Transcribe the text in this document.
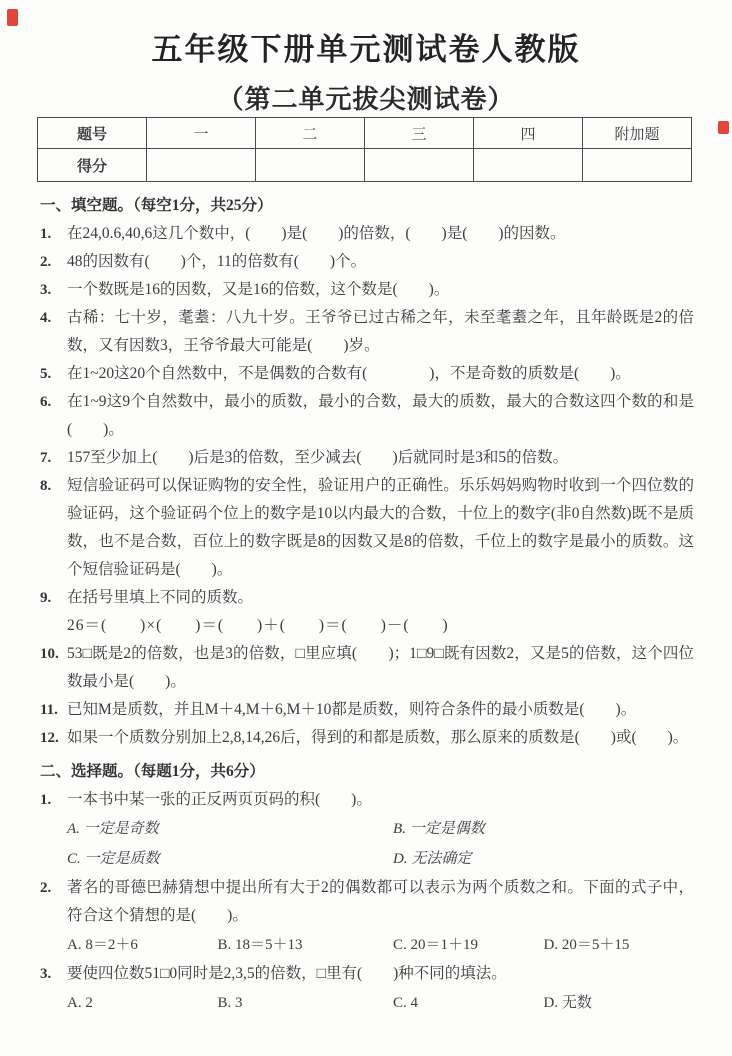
五年级下册单元测试卷人教版
（第二单元拔尖测试卷）
题号	一	二	三	四	附加题
得分					
一、填空题。（每空1分，共25分）
1.	在24,0.6,40,6这几个数中，(　　)是(　　)的倍数，(　　)是(　　)的因数。
2.	48的因数有(　　)个，11的倍数有(　　)个。
3.	一个数既是16的因数，又是16的倍数，这个数是(　　)。
4.	古稀：七十岁，耄耋：八九十岁。王爷爷已过古稀之年，未至耄耋之年，且年龄既是2的倍数，又有因数3，王爷爷最大可能是(　　)岁。
5.	在1~20这20个自然数中，不是偶数的合数有(　　　　)，不是奇数的质数是(　　)。
6.	在1~9这9个自然数中，最小的质数，最小的合数，最大的质数，最大的合数这四个数的和是(　　)。
7.	157至少加上(　　)后是3的倍数，至少减去(　　)后就同时是3和5的倍数。
8.	短信验证码可以保证购物的安全性，验证用户的正确性。乐乐妈妈购物时收到一个四位数的验证码，这个验证码个位上的数字是10以内最大的合数，十位上的数字(非0自然数)既不是质数，也不是合数，百位上的数字既是8的因数又是8的倍数，千位上的数字是最小的质数。这个短信验证码是(　　)。
9.	在括号里填上不同的质数。
26＝(　　)×(　　)＝(　　)＋(　　)＝(　　)－(　　)
10. 53□既是2的倍数，也是3的倍数，□里应填(　　)；1□9□既有因数2，又是5的倍数，这个四位数最小是(　　)。
11. 已知M是质数，并且M＋4,M＋6,M＋10都是质数，则符合条件的最小质数是(　　)。
12. 如果一个质数分别加上2,8,14,26后，得到的和都是质数，那么原来的质数是(　　)或(　　)。
二、选择题。（每题1分，共6分）
1.	一本书中某一张的正反两页页码的积(　　)。
A. 一定是奇数	B. 一定是偶数
C. 一定是质数	D. 无法确定
2.	著名的哥德巴赫猜想中提出所有大于2的偶数都可以表示为两个质数之和。下面的式子中，符合这个猜想的是(　　)。
A. 8＝2＋6	B. 18＝5＋13	C. 20＝1＋19	D. 20＝5＋15
3.	要使四位数51□0同时是2,3,5的倍数，□里有(　　)种不同的填法。
A. 2	B. 3	C. 4	D. 无数
